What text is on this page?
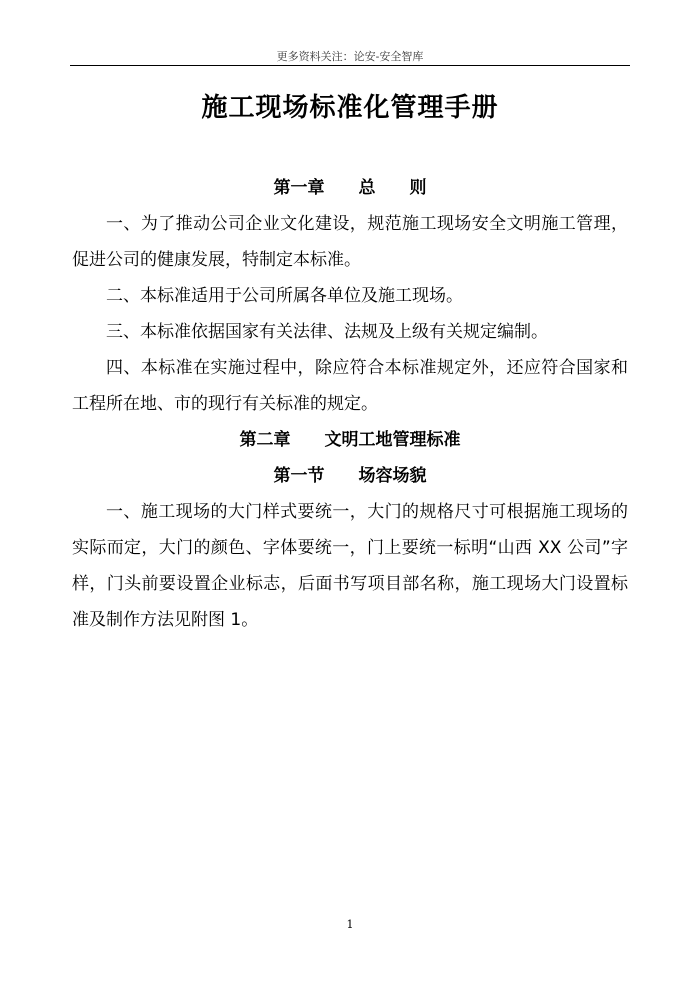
更多资料关注：论安-安全智库
施工现场标准化管理手册
第一章　　总　　则

一、为了推动公司企业文化建设，规范施工现场安全文明施工管理，促进公司的健康发展，特制定本标准。

二、本标准适用于公司所属各单位及施工现场。

三、本标准依据国家有关法律、法规及上级有关规定编制。

四、本标准在实施过程中，除应符合本标准规定外，还应符合国家和工程所在地、市的现行有关标准的规定。

第二章　　文明工地管理标准
第一节　　场容场貌

一、施工现场的大门样式要统一，大门的规格尺寸可根据施工现场的实际而定，大门的颜色、字体要统一，门上要统一标明“山西 XX 公司”字样，门头前要设置企业标志，后面书写项目部名称，施工现场大门设置标准及制作方法见附图 1。

1
